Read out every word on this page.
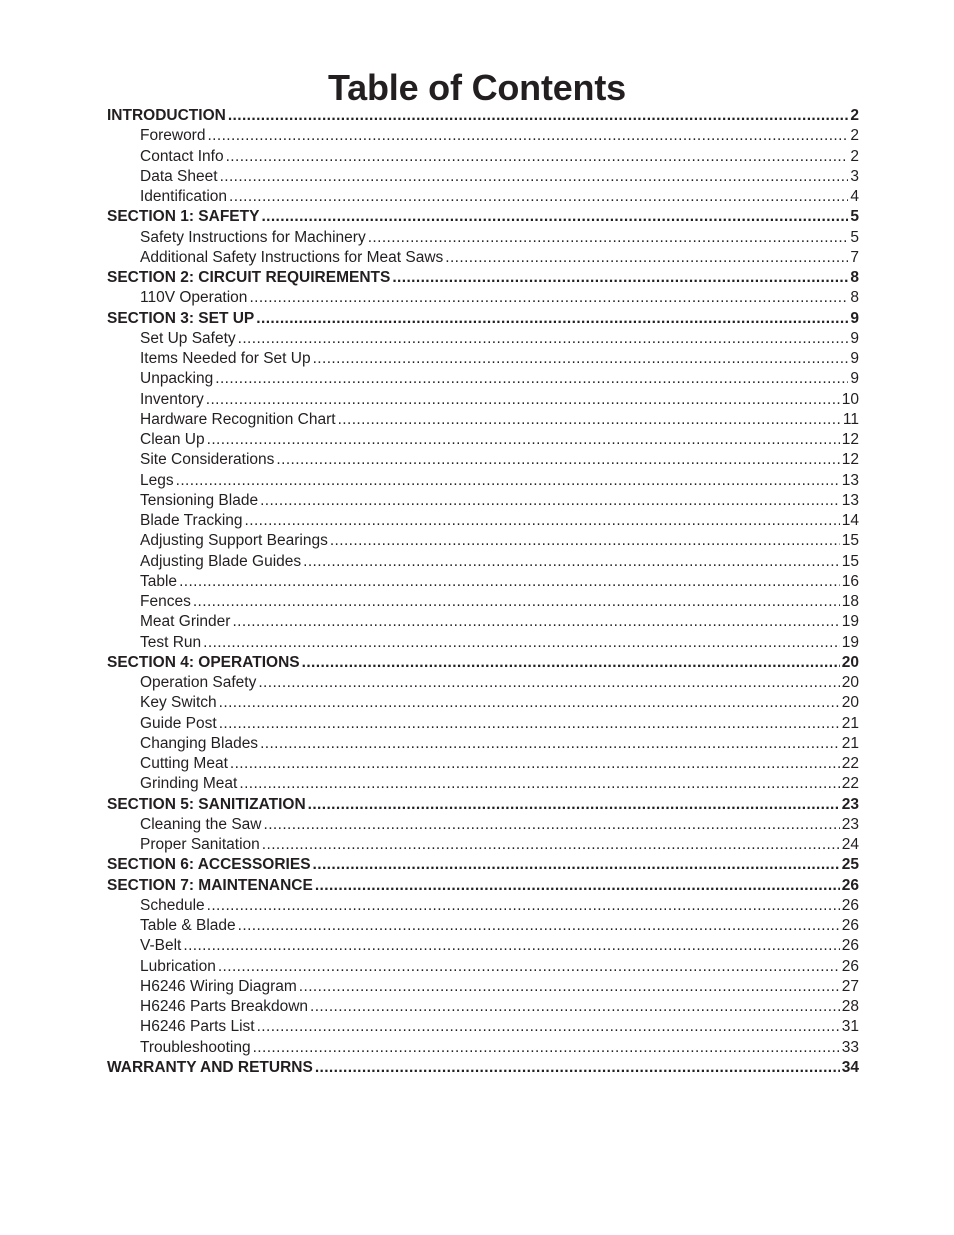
Table of Contents
INTRODUCTION .....	2
Foreword .....	2
Contact Info .....	2
Data Sheet .....	3
Identification .....	4
SECTION 1: SAFETY .....	5
Safety Instructions for Machinery .....	5
Additional Safety Instructions for Meat Saws .....	7
SECTION 2: CIRCUIT REQUIREMENTS .....	8
110V Operation .....	8
SECTION 3: SET UP .....	9
Set Up Safety .....	9
Items Needed for Set Up .....	9
Unpacking .....	9
Inventory .....	10
Hardware Recognition Chart .....	11
Clean Up .....	12
Site Considerations .....	12
Legs .....	13
Tensioning Blade .....	13
Blade Tracking .....	14
Adjusting Support Bearings .....	15
Adjusting Blade Guides .....	15
Table .....	16
Fences .....	18
Meat Grinder .....	19
Test Run .....	19
SECTION 4: OPERATIONS .....	20
Operation Safety .....	20
Key Switch .....	20
Guide Post .....	21
Changing Blades .....	21
Cutting Meat .....	22
Grinding Meat .....	22
SECTION 5: SANITIZATION .....	23
Cleaning the Saw .....	23
Proper Sanitation .....	24
SECTION 6: ACCESSORIES .....	25
SECTION 7: MAINTENANCE .....	26
Schedule .....	26
Table & Blade .....	26
V-Belt .....	26
Lubrication .....	26
H6246 Wiring Diagram .....	27
H6246 Parts Breakdown .....	28
H6246 Parts List .....	31
Troubleshooting .....	33
WARRANTY AND RETURNS .....	34
